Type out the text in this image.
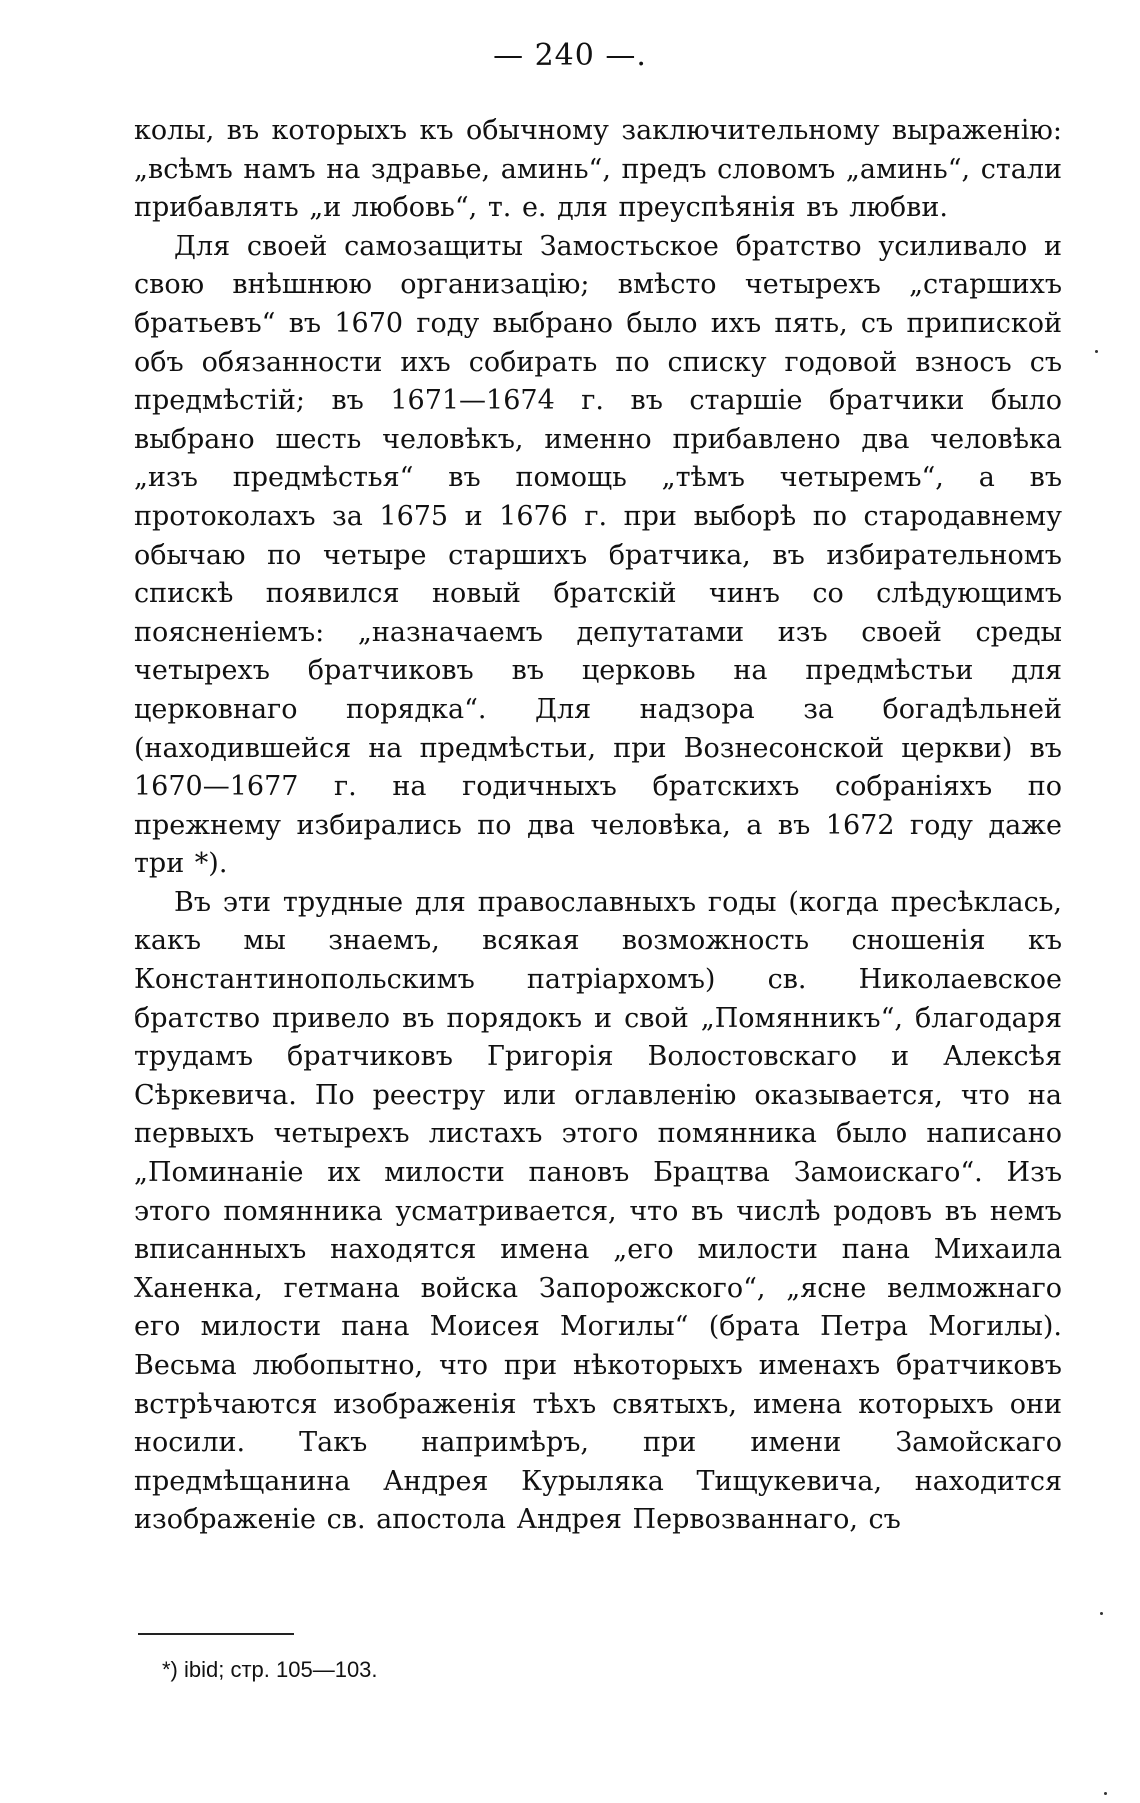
— 240 —.

колы, въ которыхъ къ обычному заключительному выраженію: „всѣмъ намъ на здравье, аминь“, предъ словомъ „аминь“, стали прибавлять „и любовь“, т. е. для преуспѣянія въ любви.

Для своей самозащиты Замостьское братство усиливало и свою внѣшнюю организацію; вмѣсто четырехъ „старшихъ братьевъ“ въ 1670 году выбрано было ихъ пять, съ припиской объ обязанности ихъ собирать по списку годовой взносъ съ предмѣстій; въ 1671—1674 г. въ старшіе братчики было выбрано шесть человѣкъ, именно прибавлено два человѣка „изъ предмѣстья“ въ помощь „тѣмъ четыремъ“, а въ протоколахъ за 1675 и 1676 г. при выборѣ по стародавнему обычаю по четыре старшихъ братчика, въ избирательномъ спискѣ появился новый братскій чинъ со слѣдующимъ поясненіемъ: „назначаемъ депутатами изъ своей среды четырехъ братчиковъ въ церковь на предмѣстьи для церковнаго порядка“. Для надзора за богадѣльней (находившейся на предмѣстьи, при Вознесонской церкви) въ 1670—1677 г. на годичныхъ братскихъ собраніяхъ по прежнему избирались по два человѣка, а въ 1672 году даже три *).

Въ эти трудные для православныхъ годы (когда пресѣклась, какъ мы знаемъ, всякая возможность сношенія къ Константинопольскимъ патріархомъ) св. Николаевское братство привело въ порядокъ и свой „Помянникъ“, благодаря трудамъ братчиковъ Григорія Волостовскаго и Алексѣя Сѣркевича. По реестру или оглавленію оказывается, что на первыхъ четырехъ листахъ этого помянника было написано „Поминаніе их милости пановъ Брацтва Замоискаго“. Изъ этого помянника усматривается, что въ числѣ родовъ въ немъ вписанныхъ находятся имена „его милости пана Михаила Ханенка, гетмана войска Запорожского“, „ясне велможнаго его милости пана Моисея Могилы“ (брата Петра Могилы). Весьма любопытно, что при нѣкоторыхъ именахъ братчиковъ встрѣчаются изображенія тѣхъ святыхъ, имена которыхъ они носили. Такъ напримѣръ, при имени Замойскаго предмѣщанина Андрея Курыляка Тищукевича, находится изображеніе св. апостола Андрея Первозваннаго, съ

*) ibid; стр. 105—103.
